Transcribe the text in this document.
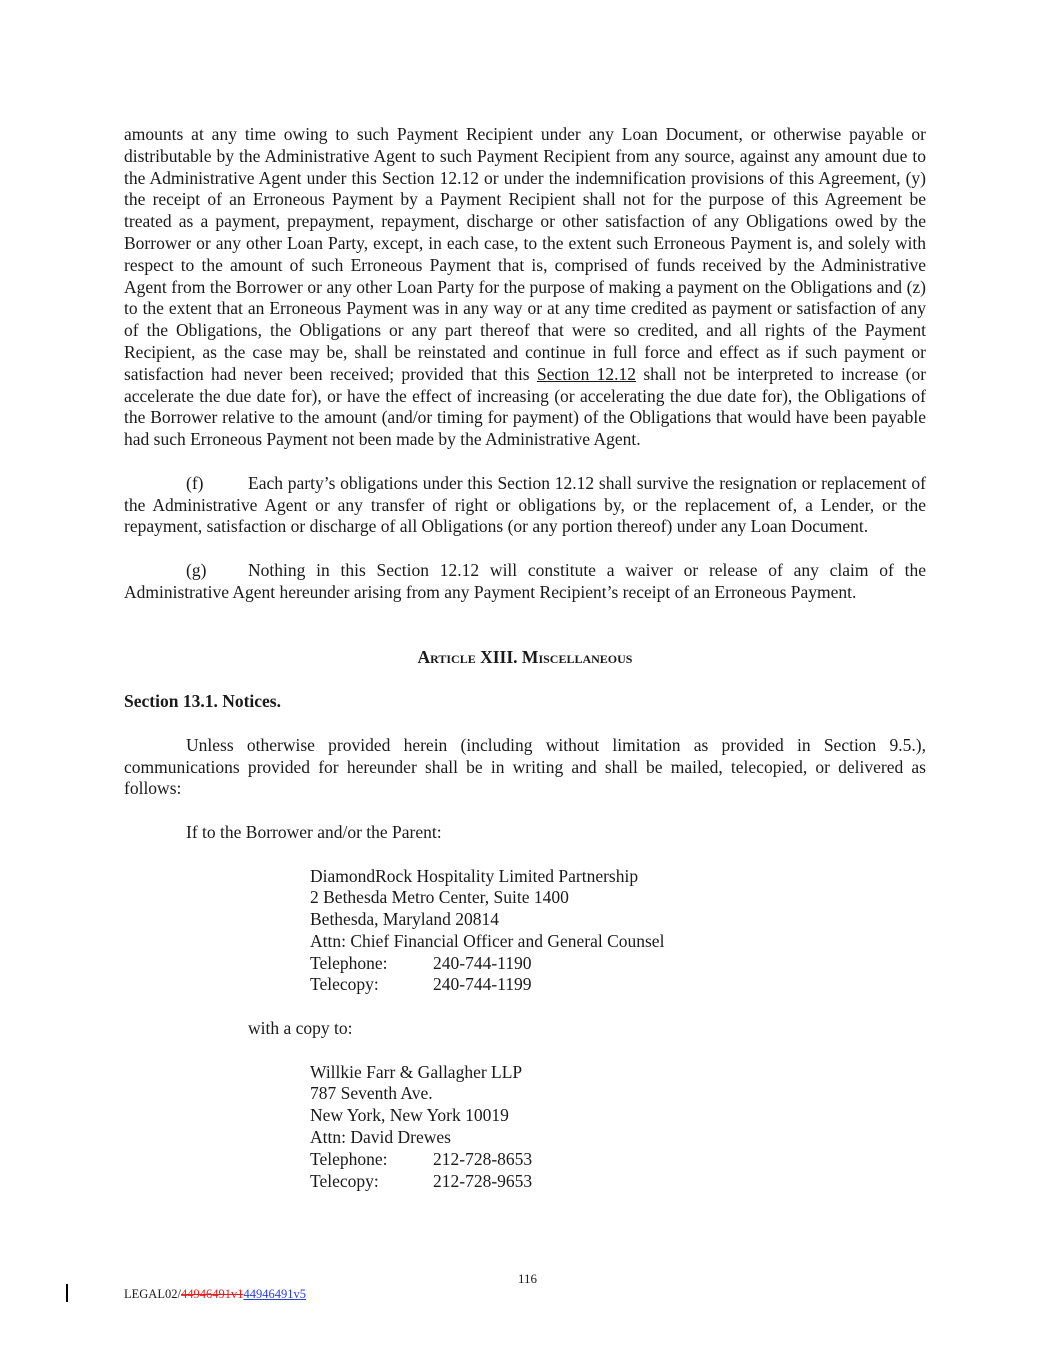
amounts at any time owing to such Payment Recipient under any Loan Document, or otherwise payable or distributable by the Administrative Agent to such Payment Recipient from any source, against any amount due to the Administrative Agent under this Section 12.12 or under the indemnification provisions of this Agreement, (y) the receipt of an Erroneous Payment by a Payment Recipient shall not for the purpose of this Agreement be treated as a payment, prepayment, repayment, discharge or other satisfaction of any Obligations owed by the Borrower or any other Loan Party, except, in each case, to the extent such Erroneous Payment is, and solely with respect to the amount of such Erroneous Payment that is, comprised of funds received by the Administrative Agent from the Borrower or any other Loan Party for the purpose of making a payment on the Obligations and (z) to the extent that an Erroneous Payment was in any way or at any time credited as payment or satisfaction of any of the Obligations, the Obligations or any part thereof that were so credited, and all rights of the Payment Recipient, as the case may be, shall be reinstated and continue in full force and effect as if such payment or satisfaction had never been received; provided that this Section 12.12 shall not be interpreted to increase (or accelerate the due date for), or have the effect of increasing (or accelerating the due date for), the Obligations of the Borrower relative to the amount (and/or timing for payment) of the Obligations that would have been payable had such Erroneous Payment not been made by the Administrative Agent.

(f)	Each party’s obligations under this Section 12.12 shall survive the resignation or replacement of the Administrative Agent or any transfer of right or obligations by, or the replacement of, a Lender, or the repayment, satisfaction or discharge of all Obligations (or any portion thereof) under any Loan Document.

(g) Nothing in this Section 12.12 will constitute a waiver or release of any claim of the Administrative Agent hereunder arising from any Payment Recipient’s receipt of an Erroneous Payment.

Article XIII. Miscellaneous
Section 13.1. Notices.

Unless otherwise provided herein (including without limitation as provided in Section 9.5.), communications provided for hereunder shall be in writing and shall be mailed, telecopied, or delivered as follows:

If to the Borrower and/or the Parent:
DiamondRock Hospitality Limited Partnership
2 Bethesda Metro Center, Suite 1400
Bethesda, Maryland 20814
Attn: Chief Financial Officer and General Counsel
Telephone:	240-744-1190
Telecopy:	240-744-1199
with a copy to:
Willkie Farr & Gallagher LLP
787 Seventh Ave.
New York, New York 10019
Attn: David Drewes
Telephone:	212-728-8653
Telecopy:	212-728-9653
116
LEGAL02/44946491v144946491v5
